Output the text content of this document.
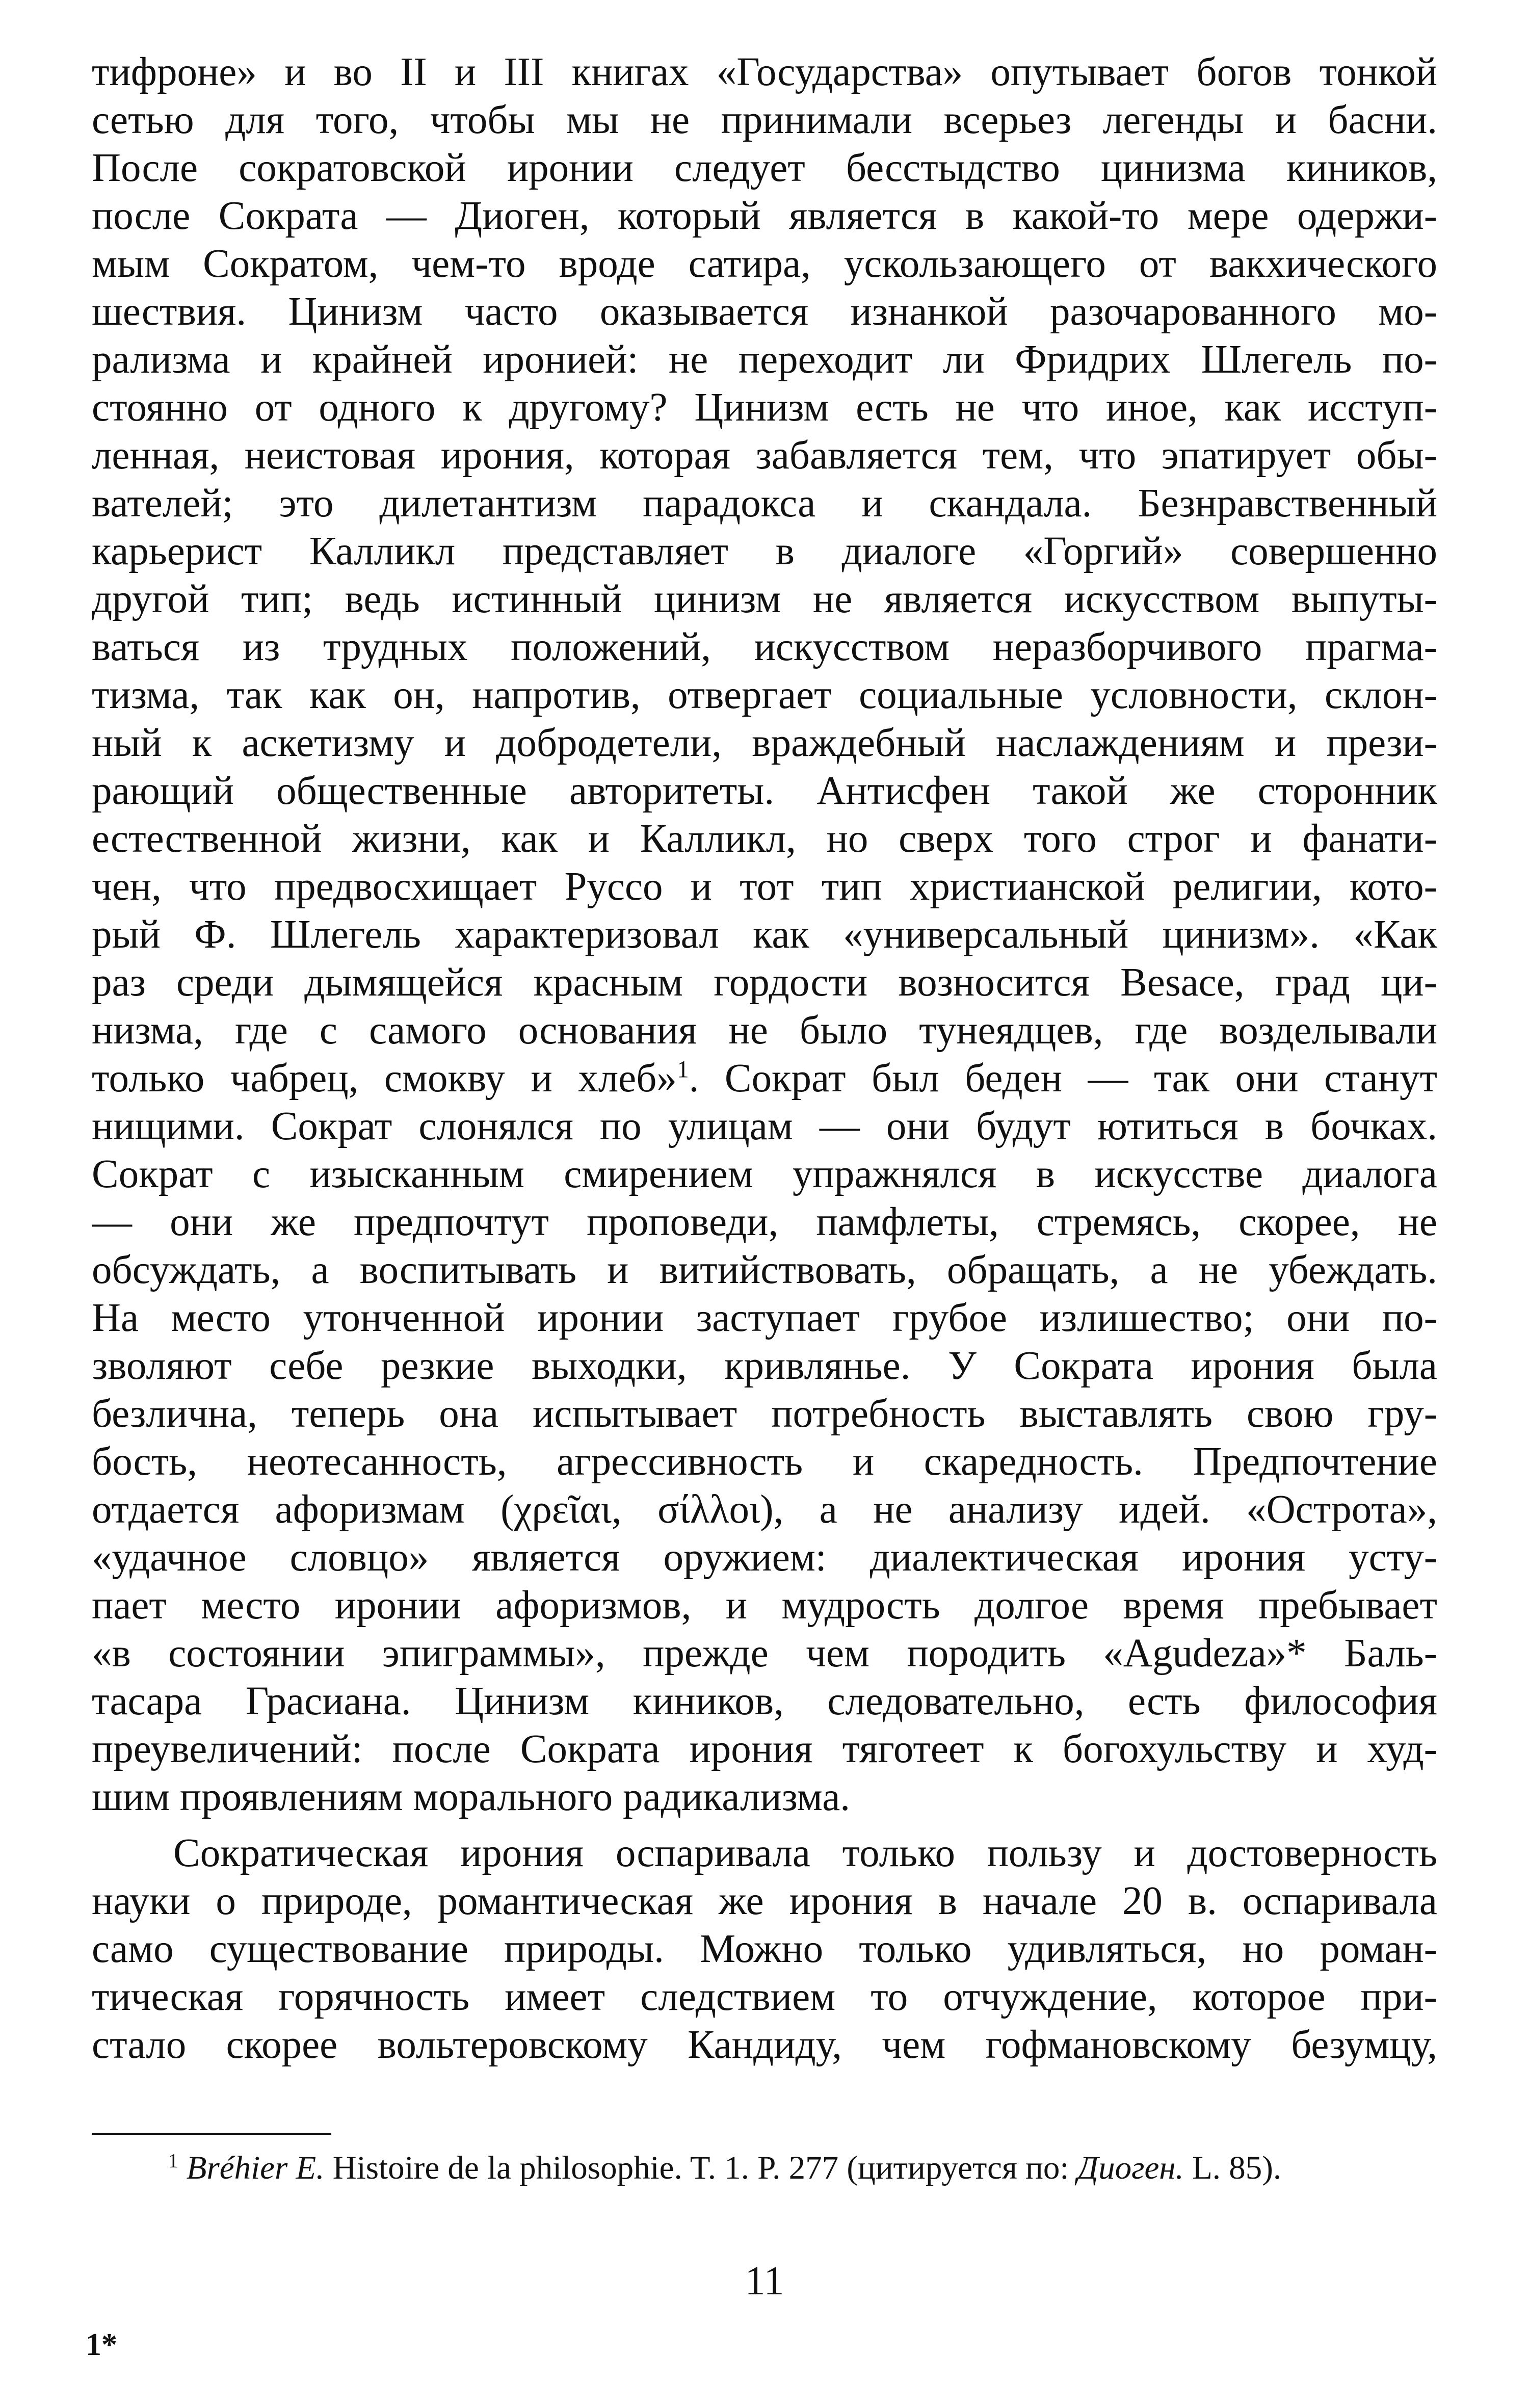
тифроне» и во II и III книгах «Государства» опутывает богов тонкой
сетью для того, чтобы мы не принимали всерьез легенды и басни.
После сократовской иронии следует бесстыдство цинизма киников,
после Сократа — Диоген, который является в какой-то мере одержи-
мым Сократом, чем-то вроде сатира, ускользающего от вакхического
шествия. Цинизм часто оказывается изнанкой разочарованного мо-
рализма и крайней иронией: не переходит ли Фридрих Шлегель по-
стоянно от одного к другому? Цинизм есть не что иное, как исступ-
ленная, неистовая ирония, которая забавляется тем, что эпатирует обы-
вателей; это дилетантизм парадокса и скандала. Безнравственный
карьерист Калликл представляет в диалоге «Горгий» совершенно
другой тип; ведь истинный цинизм не является искусством выпуты-
ваться из трудных положений, искусством неразборчивого прагма-
тизма, так как он, напротив, отвергает социальные условности, склон-
ный к аскетизму и добродетели, враждебный наслаждениям и прези-
рающий общественные авторитеты. Антисфен такой же сторонник
естественной жизни, как и Калликл, но сверх того строг и фанати-
чен, что предвосхищает Руссо и тот тип христианской религии, кото-
рый Ф. Шлегель характеризовал как «универсальный цинизм». «Как
раз среди дымящейся красным гордости возносится Besace, град ци-
низма, где с самого основания не было тунеядцев, где возделывали
только чабрец, смокву и хлеб»$^1$. Сократ был беден — так они станут
нищими. Сократ слонялся по улицам — они будут ютиться в бочках.
Сократ с изысканным смирением упражнялся в искусстве диалога
— они же предпочтут проповеди, памфлеты, стремясь, скорее, не
обсуждать, а воспитывать и витийствовать, обращать, а не убеждать.
На место утонченной иронии заступает грубое излишество; они по-
зволяют себе резкие выходки, кривлянье. У Сократа ирония была
безлична, теперь она испытывает потребность выставлять свою гру-
бость, неотесанность, агрессивность и скаредность. Предпочтение
отдается афоризмам (χρεῖαι, σίλλοι), а не анализу идей. «Острота»,
«удачное словцо» является оружием: диалектическая ирония усту-
пает место иронии афоризмов, и мудрость долгое время пребывает
«в состоянии эпиграммы», прежде чем породить «Agudeza»* Баль-
тасара Грасиана. Цинизм киников, следовательно, есть философия
преувеличений: после Сократа ирония тяготеет к богохульству и худ-
шим проявлениям морального радикализма.
Сократическая ирония оспаривала только пользу и достоверность
науки о природе, романтическая же ирония в начале 20 в. оспаривала
само существование природы. Можно только удивляться, но роман-
тическая горячность имеет следствием то отчуждение, которое при-
стало скорее вольтеровскому Кандиду, чем гофмановскому безумцу,
$^1$ Bréhier E. Histoire de la philosophie. T. 1. P. 277 (цитируется по: Диоген. L. 85).
11
1*
